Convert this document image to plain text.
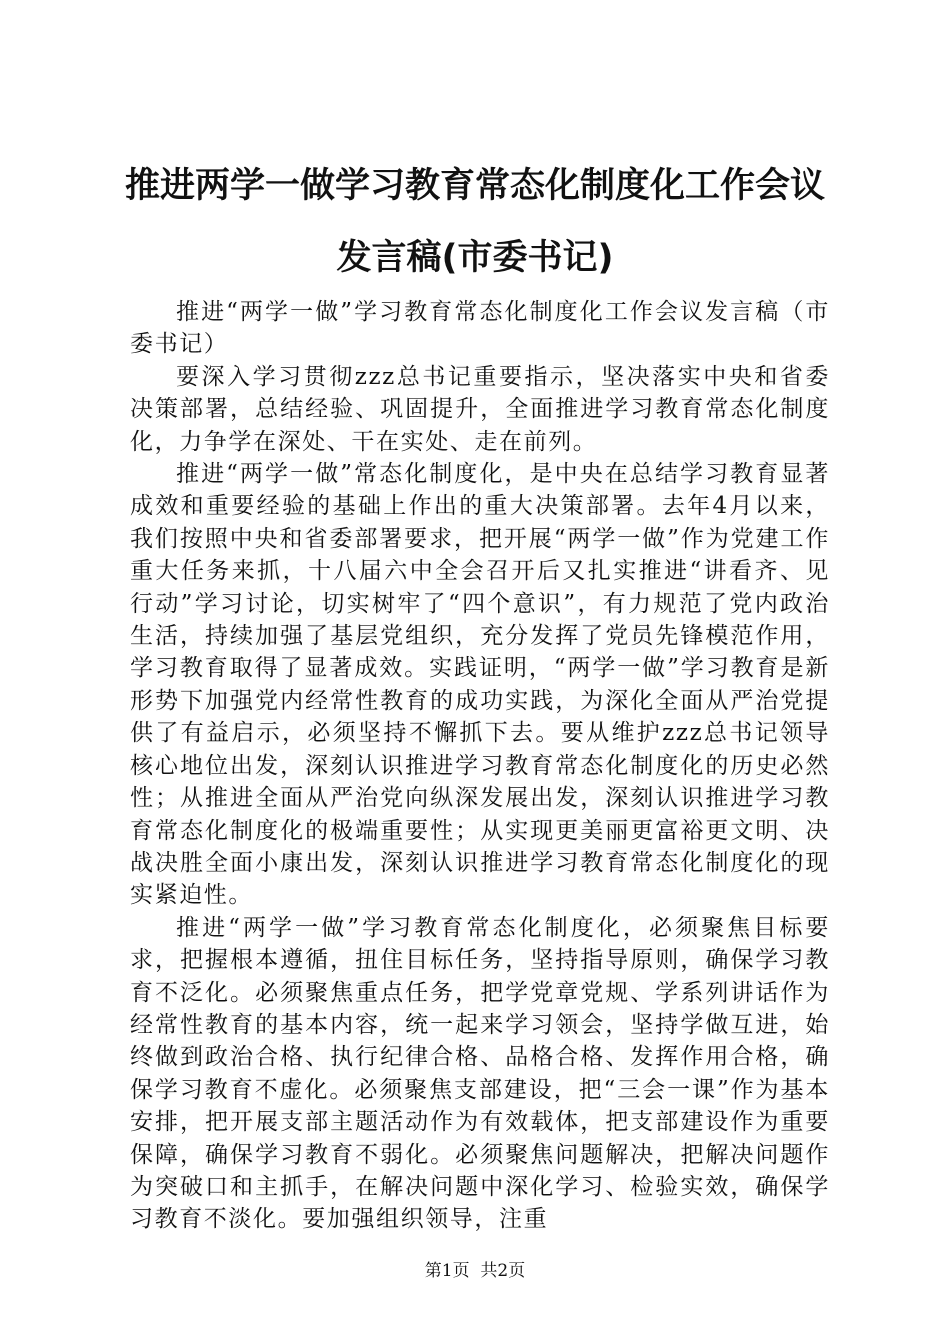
推进两学一做学习教育常态化制度化工作会议
发言稿(市委书记)

推进“两学一做”学习教育常态化制度化工作会议发言稿（市委书记）

要深入学习贯彻zzz总书记重要指示，坚决落实中央和省委决策部署，总结经验、巩固提升，全面推进学习教育常态化制度化，力争学在深处、干在实处、走在前列。

推进“两学一做”常态化制度化，是中央在总结学习教育显著成效和重要经验的基础上作出的重大决策部署。去年4月以来，我们按照中央和省委部署要求，把开展“两学一做”作为党建工作重大任务来抓，十八届六中全会召开后又扎实推进“讲看齐、见行动”学习讨论，切实树牢了“四个意识”，有力规范了党内政治生活，持续加强了基层党组织，充分发挥了党员先锋模范作用，学习教育取得了显著成效。实践证明，“两学一做”学习教育是新形势下加强党内经常性教育的成功实践，为深化全面从严治党提供了有益启示，必须坚持不懈抓下去。要从维护zzz总书记领导核心地位出发，深刻认识推进学习教育常态化制度化的历史必然性；从推进全面从严治党向纵深发展出发，深刻认识推进学习教育常态化制度化的极端重要性；从实现更美丽更富裕更文明、决战决胜全面小康出发，深刻认识推进学习教育常态化制度化的现实紧迫性。

推进“两学一做”学习教育常态化制度化，必须聚焦目标要求，把握根本遵循，扭住目标任务，坚持指导原则，确保学习教育不泛化。必须聚焦重点任务，把学党章党规、学系列讲话作为经常性教育的基本内容，统一起来学习领会，坚持学做互进，始终做到政治合格、执行纪律合格、品格合格、发挥作用合格，确保学习教育不虚化。必须聚焦支部建设，把“三会一课”作为基本安排，把开展支部主题活动作为有效载体，把支部建设作为重要保障，确保学习教育不弱化。必须聚焦问题解决，把解决问题作为突破口和主抓手，在解决问题中深化学习、检验实效，确保学习教育不淡化。要加强组织领导，注重

第1页  共2页
